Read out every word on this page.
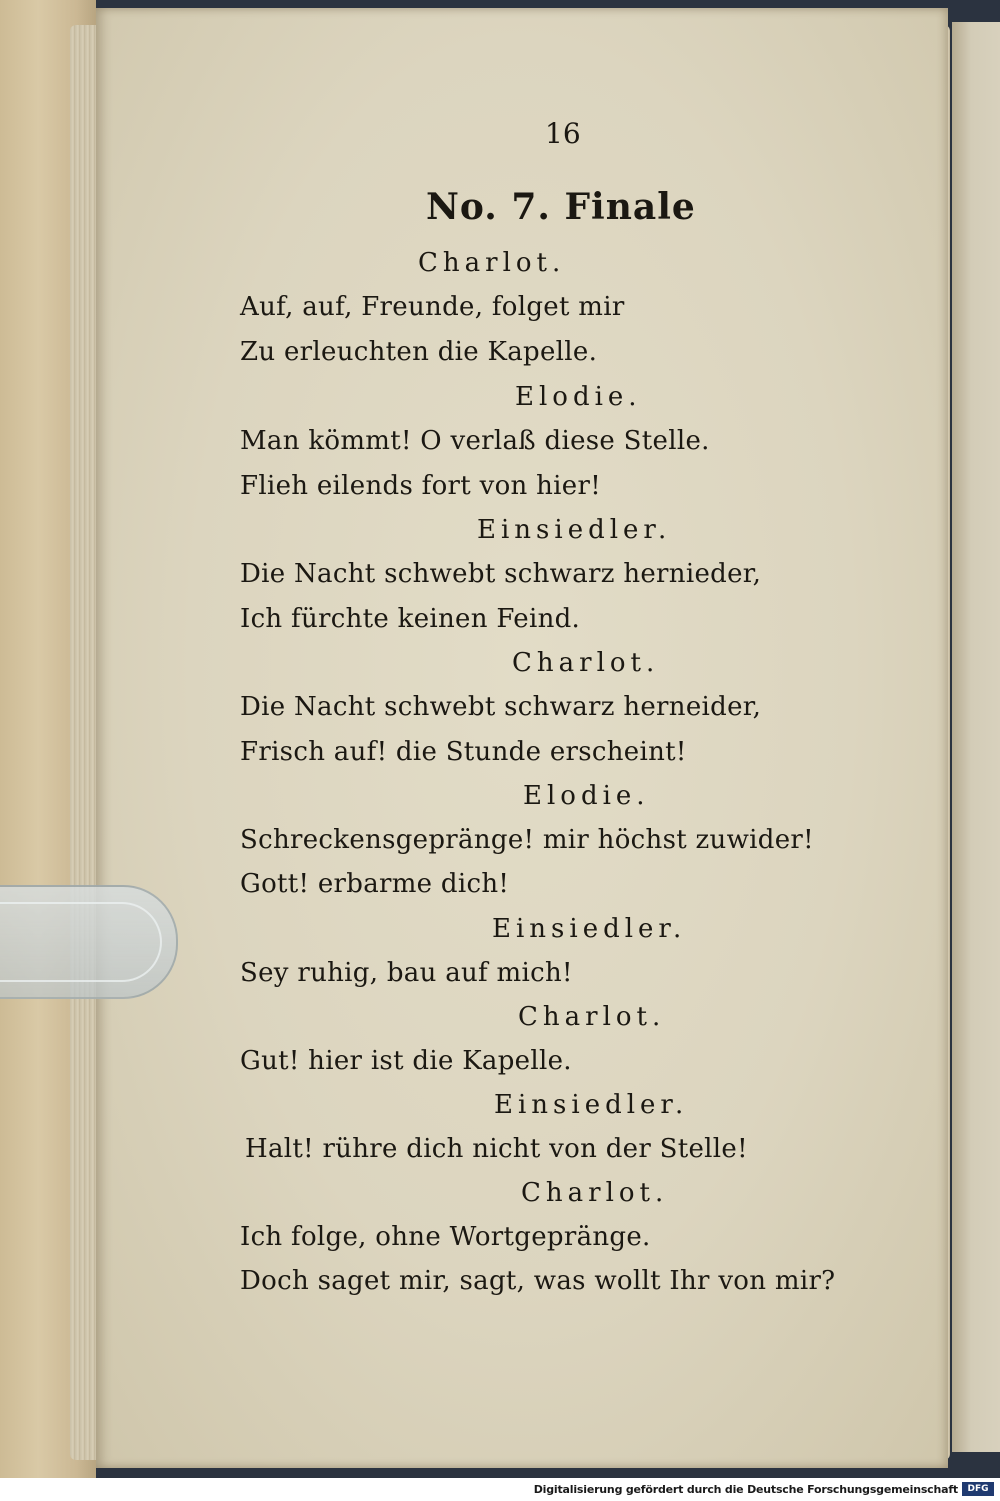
16
No. 7. Finale
Charlot.
Auf, auf, Freunde, folget mir
Zu erleuchten die Kapelle.
Elodie.
Man kömmt! O verlaß diese Stelle.
Flieh eilends fort von hier!
Einsiedler.
Die Nacht schwebt schwarz hernieder,
Ich fürchte keinen Feind.
Charlot.
Die Nacht schwebt schwarz herneider,
Frisch auf! die Stunde erscheint!
Elodie.
Schreckensgepränge! mir höchst zuwider!
Gott! erbarme dich!
Einsiedler.
Sey ruhig, bau auf mich!
Charlot.
Gut! hier ist die Kapelle.
Einsiedler.
Halt! rühre dich nicht von der Stelle!
Charlot.
Ich folge, ohne Wortgepränge.
Doch saget mir, sagt, was wollt Ihr von mir?
Digitalisierung gefördert durch die Deutsche Forschungsgemeinschaft	DFG
